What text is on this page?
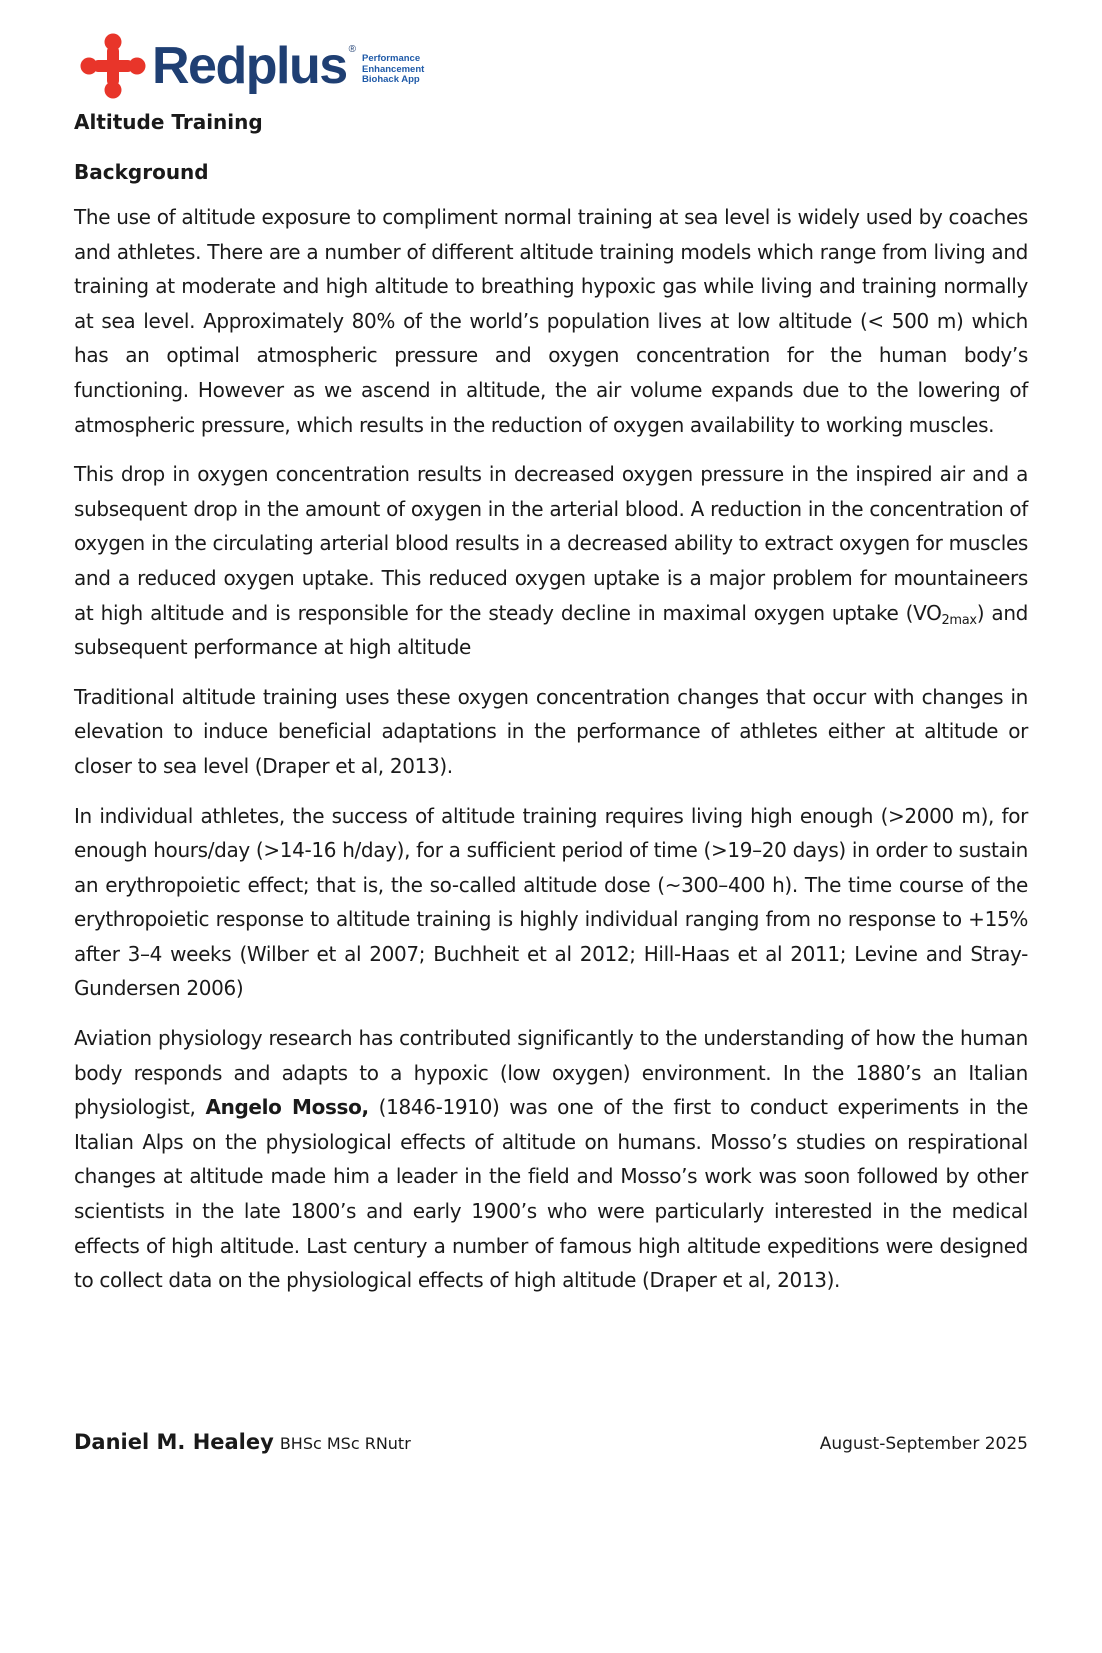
Redplus ®
Performance
Enhancement
Biohack App
Altitude Training
Background

The use of altitude exposure to compliment normal training at sea level is widely used by coaches and athletes. There are a number of different altitude training models which range from living and training at moderate and high altitude to breathing hypoxic gas while living and training normally at sea level. Approximately 80% of the world’s population lives at low altitude (< 500 m) which has an optimal atmospheric pressure and oxygen concentration for the human body’s functioning. However as we ascend in altitude, the air volume expands due to the lowering of atmospheric pressure, which results in the reduction of oxygen availability to working muscles.

This drop in oxygen concentration results in decreased oxygen pressure in the inspired air and a subsequent drop in the amount of oxygen in the arterial blood. A reduction in the concentration of oxygen in the circulating arterial blood results in a decreased ability to extract oxygen for muscles and a reduced oxygen uptake. This reduced oxygen uptake is a major problem for mountaineers at high altitude and is responsible for the steady decline in maximal oxygen uptake $(VO_{2max})$ and subsequent performance at high altitude

Traditional altitude training uses these oxygen concentration changes that occur with changes in elevation to induce beneficial adaptations in the performance of athletes either at altitude or closer to sea level (Draper et al, 2013).

In individual athletes, the success of altitude training requires living high enough (>2000 m), for enough hours/day (>14-16 h/day), for a sufficient period of time (>19–20 days) in order to sustain an erythropoietic effect; that is, the so-called altitude dose (~300–400 h). The time course of the erythropoietic response to altitude training is highly individual ranging from no response to +15% after 3–4 weeks (Wilber et al 2007; Buchheit et al 2012; Hill-Haas et al 2011; Levine and Stray-Gundersen 2006)

Aviation physiology research has contributed significantly to the understanding of how the human body responds and adapts to a hypoxic (low oxygen) environment. In the 1880’s an Italian physiologist, Angelo Mosso, (1846-1910) was one of the first to conduct experiments in the Italian Alps on the physiological effects of altitude on humans. Mosso’s studies on respirational changes at altitude made him a leader in the field and Mosso’s work was soon followed by other scientists in the late 1800’s and early 1900’s who were particularly interested in the medical effects of high altitude. Last century a number of famous high altitude expeditions were designed to collect data on the physiological effects of high altitude (Draper et al, 2013).

Daniel M. Healey BHSc MSc RNutr	August-September 2025
